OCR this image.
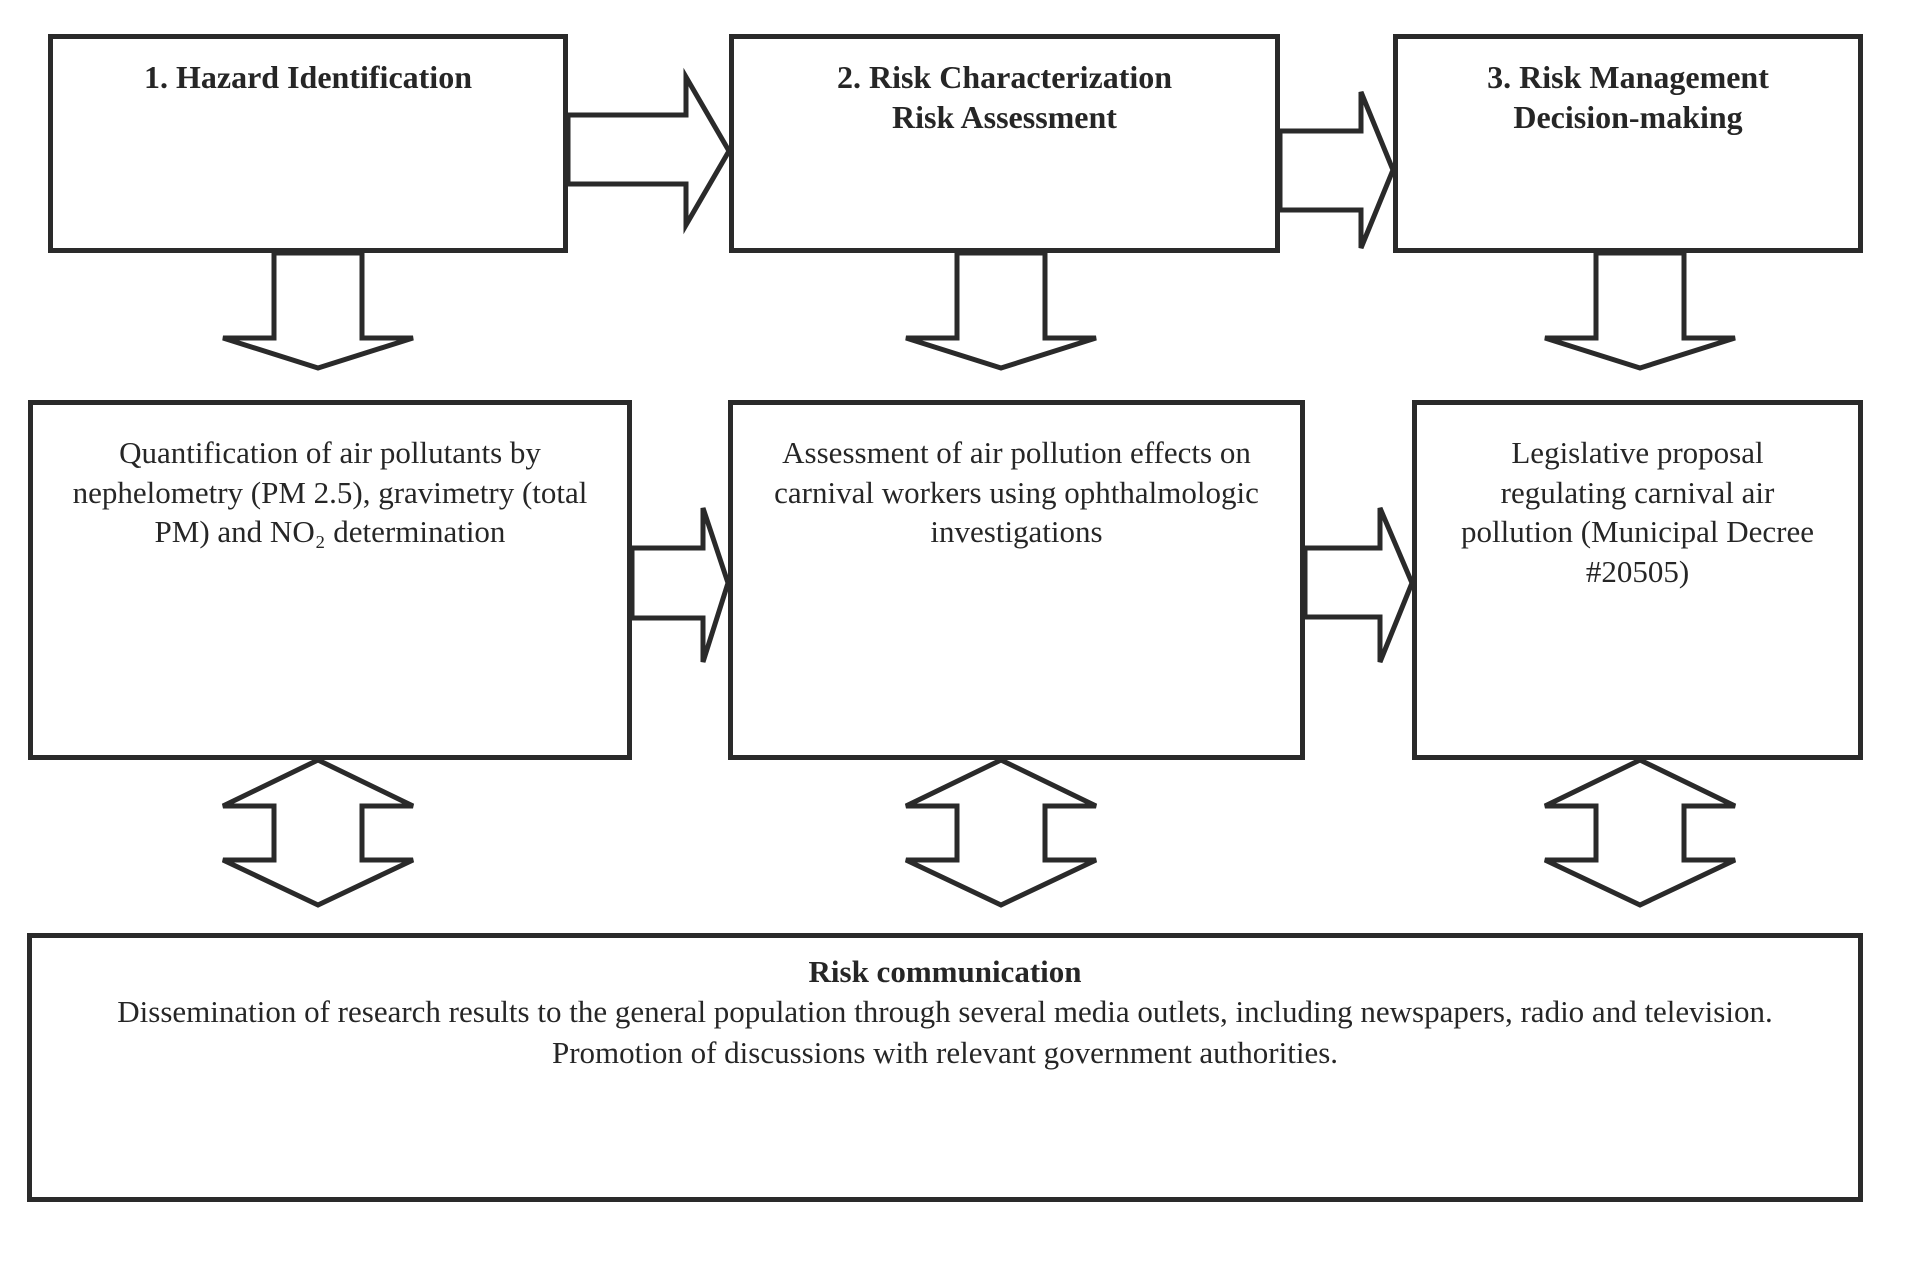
1. Hazard Identification	2. Risk Characterization
Risk Assessment
3. Risk Management
Decision-making
Quantification of air pollutants by nephelometry (PM 2.5), gravimetry (total PM) and NO₂ determination
Assessment of air pollution effects on carnival workers using ophthalmologic investigations
Legislative proposal regulating carnival air pollution (Municipal Decree #20505)
Risk communication
Dissemination of research results to the general population through several media outlets, including newspapers, radio and television. Promotion of discussions with relevant government authorities.
